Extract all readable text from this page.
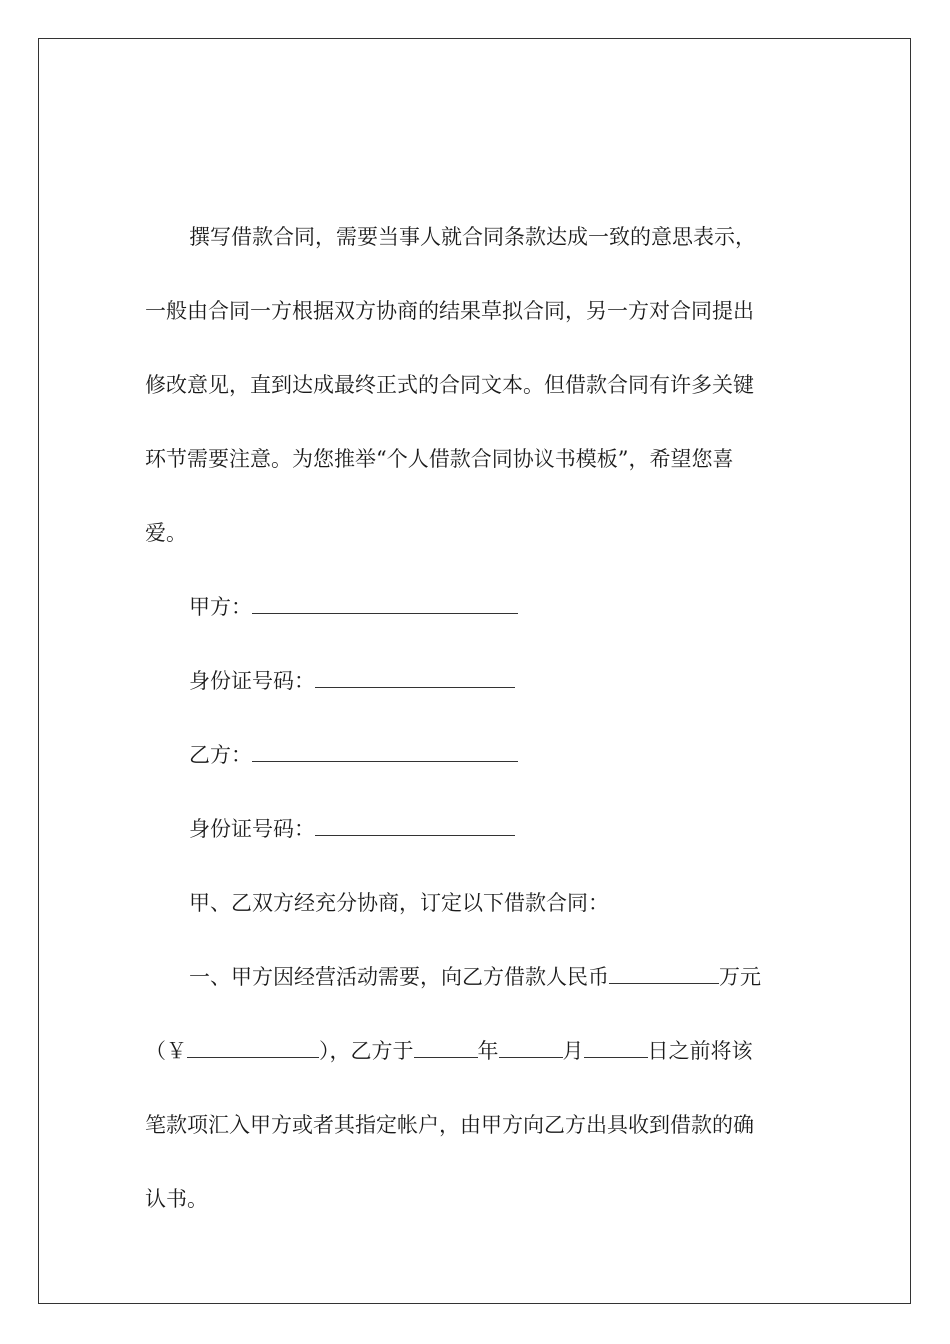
撰写借款合同，需要当事人就合同条款达成一致的意思表示，

一般由合同一方根据双方协商的结果草拟合同，另一方对合同提出

修改意见，直到达成最终正式的合同文本。但借款合同有许多关键

环节需要注意。为您推举“个人借款合同协议书模板”，希望您喜

爱。

甲方：

身份证号码：

乙方：

身份证号码：

甲、乙双方经充分协商，订定以下借款合同：

一、甲方因经营活动需要，向乙方借款人民币	万元

（￥	），乙方于	年	月	日之前将该

笔款项汇入甲方或者其指定帐户，由甲方向乙方出具收到借款的确

认书。
